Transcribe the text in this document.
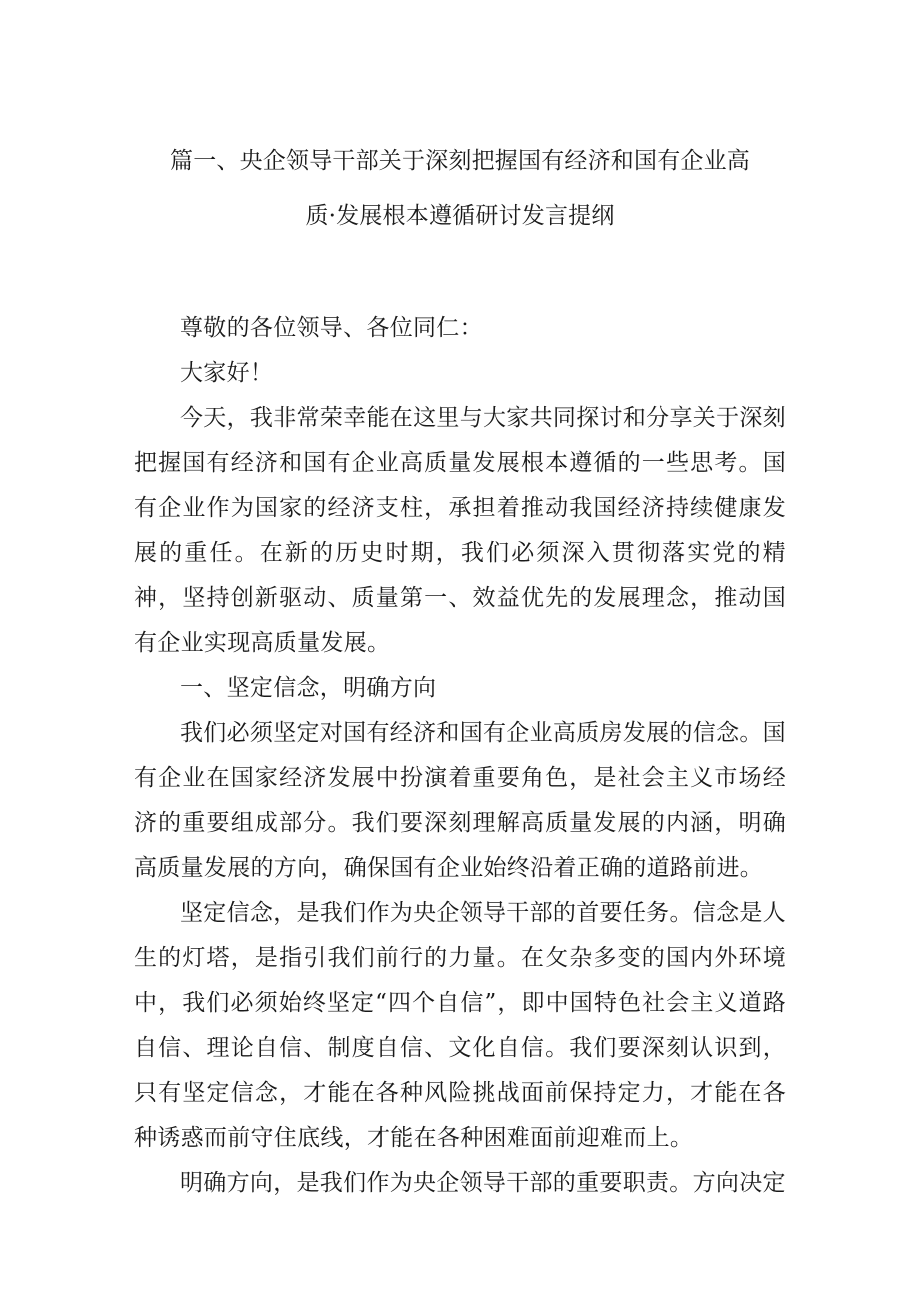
篇一、央企领导干部关于深刻把握国有经济和国有企业高
质·发展根本遵循研讨发言提纲

尊敬的各位领导、各位同仁：

大家好！

今天，我非常荣幸能在这里与大家共同探讨和分享关于深刻把握国有经济和国有企业高质量发展根本遵循的一些思考。国有企业作为国家的经济支柱，承担着推动我国经济持续健康发展的重任。在新的历史时期，我们必须深入贯彻落实党的精神，坚持创新驱动、质量第一、效益优先的发展理念，推动国有企业实现高质量发展。

一、坚定信念，明确方向

我们必须坚定对国有经济和国有企业高质房发展的信念。国有企业在国家经济发展中扮演着重要角色，是社会主义市场经济的重要组成部分。我们要深刻理解高质量发展的内涵，明确高质量发展的方向，确保国有企业始终沿着正确的道路前进。

坚定信念，是我们作为央企领导干部的首要任务。信念是人生的灯塔，是指引我们前行的力量。在攵杂多变的国内外环境中，我们必须始终坚定“四个自信”，即中国特色社会主义道路自信、理论自信、制度自信、文化自信。我们要深刻认识到，只有坚定信念，才能在各种风险挑战面前保持定力，才能在各种诱惑而前守住底线，才能在各种困难面前迎难而上。

明确方向，是我们作为央企领导干部的重要职责。方向决定
